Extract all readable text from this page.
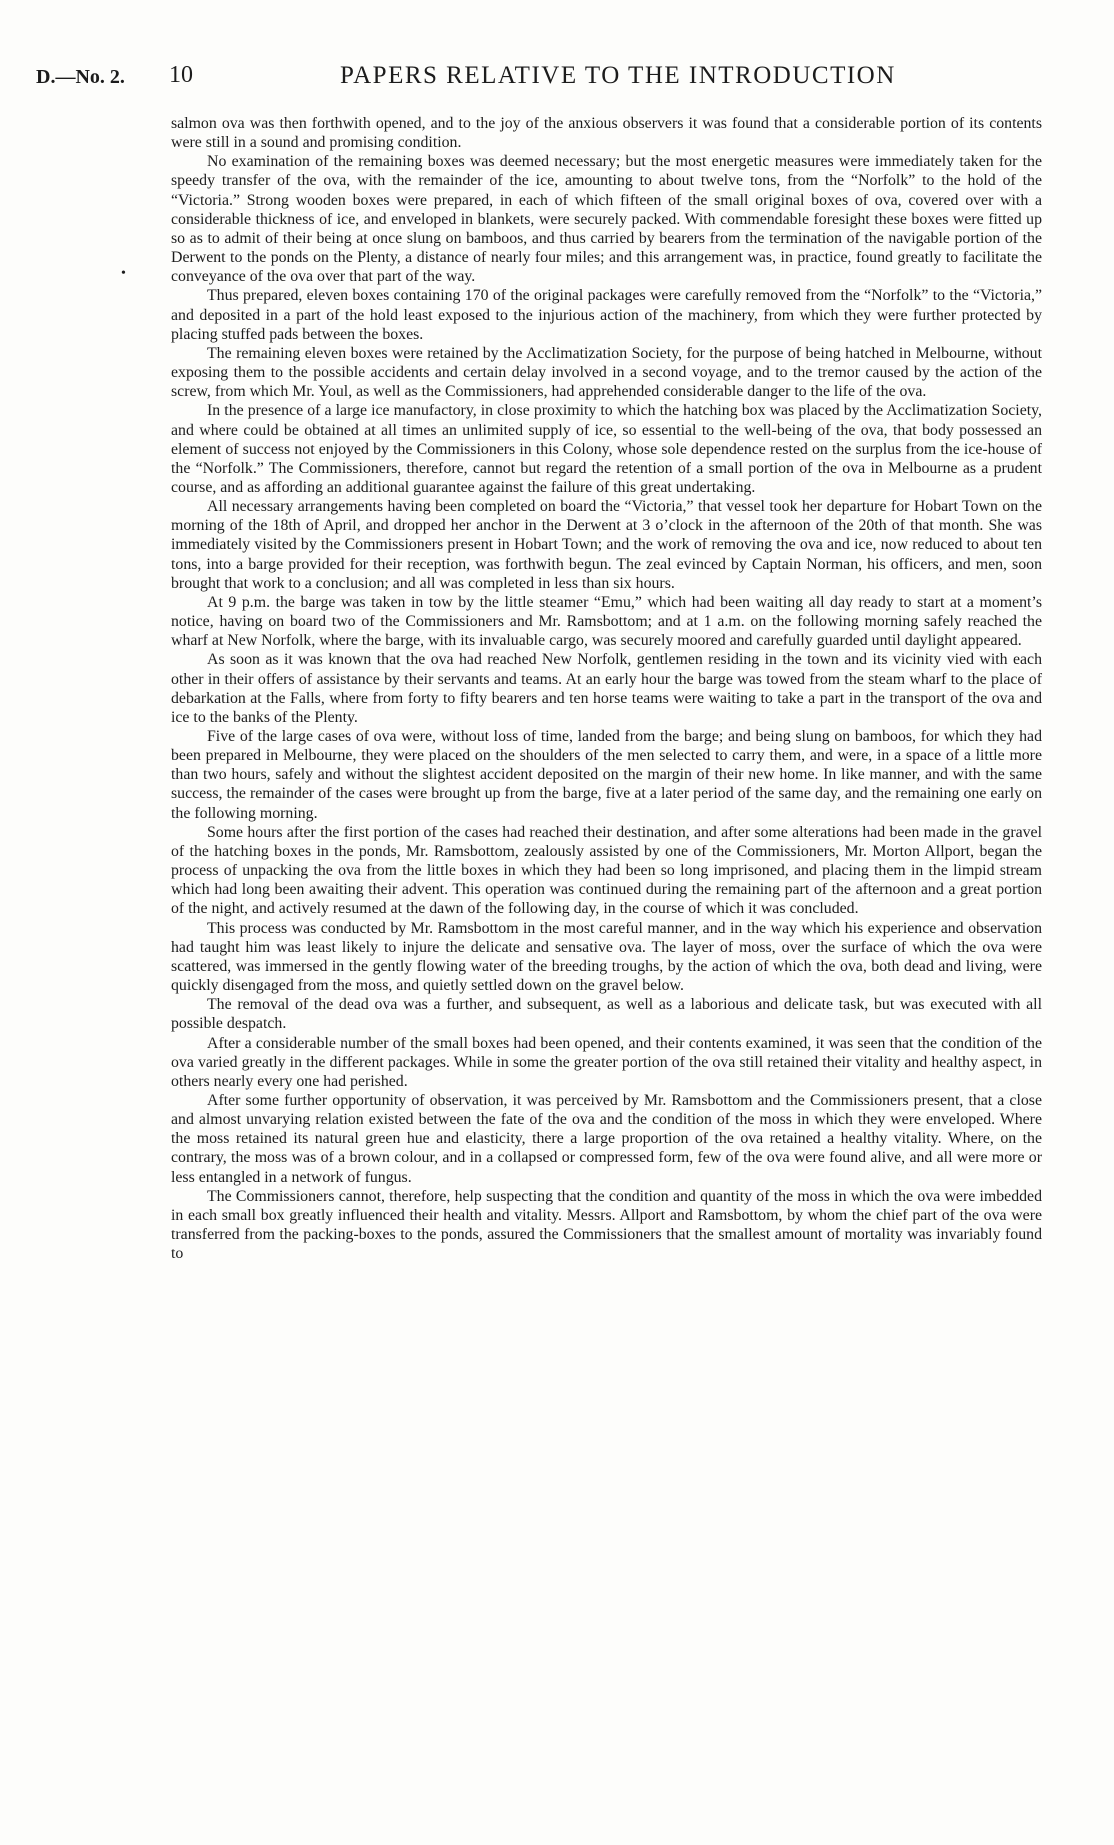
D.—No. 2. 10	PAPERS RELATIVE TO THE INTRODUCTION
•

salmon ova was then forthwith opened, and to the joy of the anxious observers it was found that a considerable portion of its contents were still in a sound and promising condition.

No examination of the remaining boxes was deemed necessary; but the most energetic measures were immediately taken for the speedy transfer of the ova, with the remainder of the ice, amounting to about twelve tons, from the “Norfolk” to the hold of the “Victoria.” Strong wooden boxes were prepared, in each of which fifteen of the small original boxes of ova, covered over with a considerable thickness of ice, and enveloped in blankets, were securely packed. With commendable foresight these boxes were fitted up so as to admit of their being at once slung on bamboos, and thus carried by bearers from the termination of the navigable portion of the Derwent to the ponds on the Plenty, a distance of nearly four miles; and this arrangement was, in practice, found greatly to facilitate the conveyance of the ova over that part of the way.

Thus prepared, eleven boxes containing 170 of the original packages were carefully removed from the “Norfolk” to the “Victoria,” and deposited in a part of the hold least exposed to the injurious action of the machinery, from which they were further protected by placing stuffed pads between the boxes.

The remaining eleven boxes were retained by the Acclimatization Society, for the purpose of being hatched in Melbourne, without exposing them to the possible accidents and certain delay involved in a second voyage, and to the tremor caused by the action of the screw, from which Mr. Youl, as well as the Commissioners, had apprehended considerable danger to the life of the ova.

In the presence of a large ice manufactory, in close proximity to which the hatching box was placed by the Acclimatization Society, and where could be obtained at all times an unlimited supply of ice, so essential to the well-being of the ova, that body possessed an element of success not enjoyed by the Commissioners in this Colony, whose sole dependence rested on the surplus from the ice-house of the “Norfolk.” The Commissioners, therefore, cannot but regard the retention of a small portion of the ova in Melbourne as a prudent course, and as affording an additional guarantee against the failure of this great undertaking.

All necessary arrangements having been completed on board the “Victoria,” that vessel took her departure for Hobart Town on the morning of the 18th of April, and dropped her anchor in the Derwent at 3 o’clock in the afternoon of the 20th of that month. She was immediately visited by the Commissioners present in Hobart Town; and the work of removing the ova and ice, now reduced to about ten tons, into a barge provided for their reception, was forthwith begun. The zeal evinced by Captain Norman, his officers, and men, soon brought that work to a conclusion; and all was completed in less than six hours.

At 9 p.m. the barge was taken in tow by the little steamer “Emu,” which had been waiting all day ready to start at a moment’s notice, having on board two of the Commissioners and Mr. Ramsbottom; and at 1 a.m. on the following morning safely reached the wharf at New Norfolk, where the barge, with its invaluable cargo, was securely moored and carefully guarded until daylight appeared.

As soon as it was known that the ova had reached New Norfolk, gentlemen residing in the town and its vicinity vied with each other in their offers of assistance by their servants and teams. At an early hour the barge was towed from the steam wharf to the place of debarkation at the Falls, where from forty to fifty bearers and ten horse teams were waiting to take a part in the transport of the ova and ice to the banks of the Plenty.

Five of the large cases of ova were, without loss of time, landed from the barge; and being slung on bamboos, for which they had been prepared in Melbourne, they were placed on the shoulders of the men selected to carry them, and were, in a space of a little more than two hours, safely and without the slightest accident deposited on the margin of their new home. In like manner, and with the same success, the remainder of the cases were brought up from the barge, five at a later period of the same day, and the remaining one early on the following morning.

Some hours after the first portion of the cases had reached their destination, and after some alterations had been made in the gravel of the hatching boxes in the ponds, Mr. Ramsbottom, zealously assisted by one of the Commissioners, Mr. Morton Allport, began the process of unpacking the ova from the little boxes in which they had been so long imprisoned, and placing them in the limpid stream which had long been awaiting their advent. This operation was continued during the remaining part of the afternoon and a great portion of the night, and actively resumed at the dawn of the following day, in the course of which it was concluded.

This process was conducted by Mr. Ramsbottom in the most careful manner, and in the way which his experience and observation had taught him was least likely to injure the delicate and sensative ova. The layer of moss, over the surface of which the ova were scattered, was immersed in the gently flowing water of the breeding troughs, by the action of which the ova, both dead and living, were quickly disengaged from the moss, and quietly settled down on the gravel below.

The removal of the dead ova was a further, and subsequent, as well as a laborious and delicate task, but was executed with all possible despatch.

After a considerable number of the small boxes had been opened, and their contents examined, it was seen that the condition of the ova varied greatly in the different packages. While in some the greater portion of the ova still retained their vitality and healthy aspect, in others nearly every one had perished.

After some further opportunity of observation, it was perceived by Mr. Ramsbottom and the Commissioners present, that a close and almost unvarying relation existed between the fate of the ova and the condition of the moss in which they were enveloped. Where the moss retained its natural green hue and elasticity, there a large proportion of the ova retained a healthy vitality. Where, on the contrary, the moss was of a brown colour, and in a collapsed or compressed form, few of the ova were found alive, and all were more or less entangled in a network of fungus.

The Commissioners cannot, therefore, help suspecting that the condition and quantity of the moss in which the ova were imbedded in each small box greatly influenced their health and vitality. Messrs. Allport and Ramsbottom, by whom the chief part of the ova were transferred from the packing-boxes to the ponds, assured the Commissioners that the smallest amount of mortality was invariably found to
